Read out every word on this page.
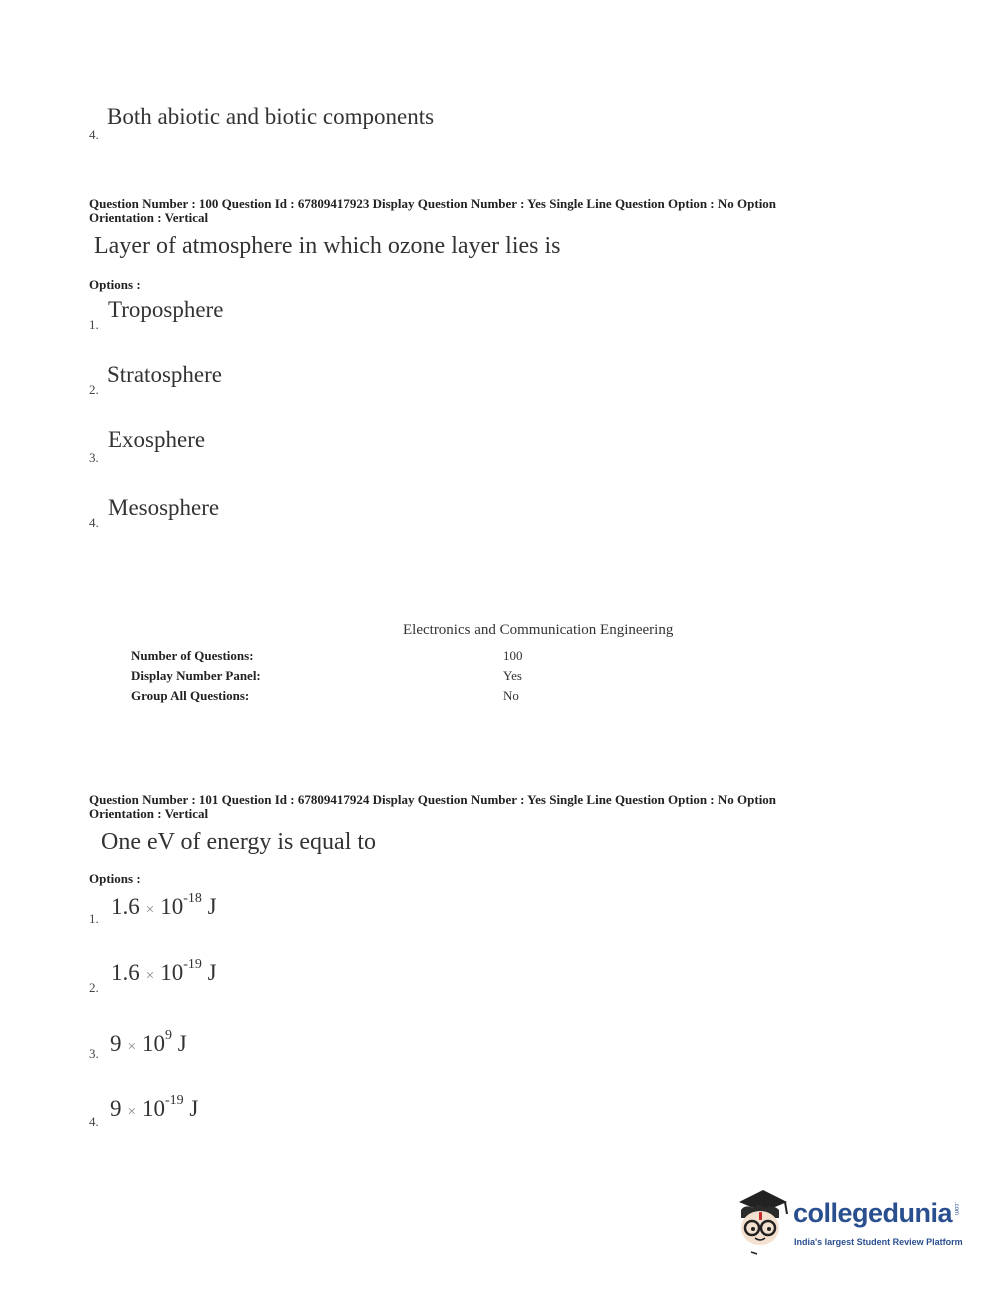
Both abiotic and biotic components
4.
Question Number : 100 Question Id : 67809417923 Display Question Number : Yes Single Line Question Option : No Option
Orientation : Vertical
Layer of atmosphere in which ozone layer lies is
Options :
Troposphere
1.
Stratosphere
2.
Exosphere
3.
Mesosphere
4.
Electronics and Communication Engineering
Number of Questions:	100
Display Number Panel:	Yes
Group All Questions:	No
Question Number : 101 Question Id : 67809417924 Display Question Number : Yes Single Line Question Option : No Option
Orientation : Vertical
One eV of energy is equal to
Options :
$1.6 \times 10^{-18}$ J
1.
$1.6 \times 10^{-19}$ J
2.
$9 \times 10^9$ J
3.
$9 \times 10^{-19}$ J
4.
collegedunia .com
India's largest Student Review Platform
